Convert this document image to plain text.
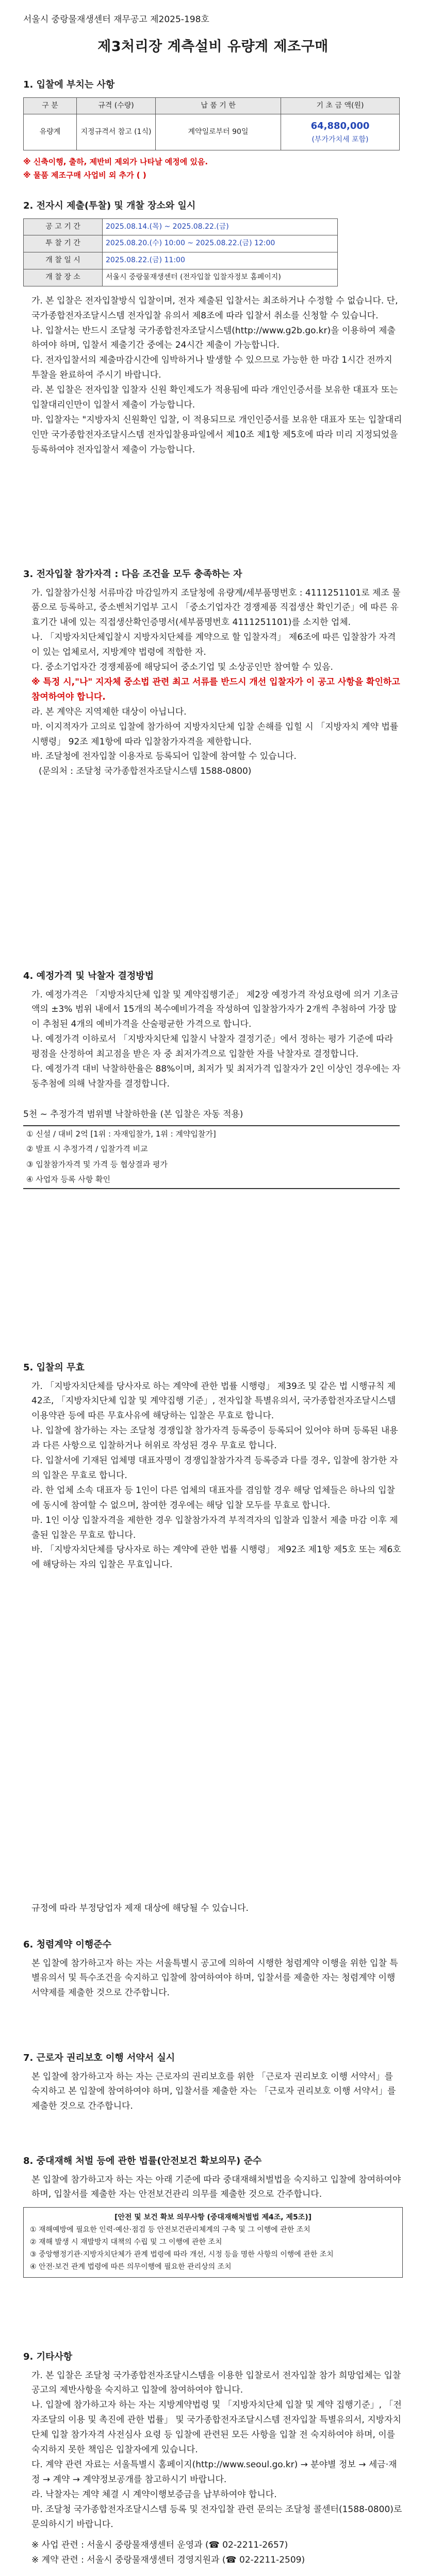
서울시 중랑물재생센터 재무공고 제2025-198호
제3처리장 계측설비 유량계 제조구매
1. 입찰에 부치는 사항
구 분	규격 (수량)	납 품 기 한	기 초 금 액(원)
유량계	지정규격서 참고 (1식)	계약일로부터 90일	64,880,000
(부가가치세 포함)
※ 신축이행, 출하, 제반비 제외가 나타날 예정에 있음.
※ 물품 제조구매 사업비 외 추가 ( )
2. 전자시 제출(투찰) 및 개찰 장소와 일시
공 고 기 간	2025.08.14.(목) ~ 2025.08.22.(금)
투 찰 기 간	2025.08.20.(수) 10:00 ~ 2025.08.22.(금) 12:00
개 찰 일 시	2025.08.22.(금) 11:00
개 찰 장 소	서울시 중랑물재생센터 (전자입찰 입찰자정보 홈페이지)

가. 본 입찰은 전자입찰방식 입찰이며, 전자 제출된 입찰서는 최조하거나 수정할 수 없습니다. 단, 국가종합전자조달시스템 전자입찰 유의서 제8조에 따라 입찰서 취소를 신청할 수 있습니다.

나. 입찰서는 반드시 조달청 국가종합전자조달시스템(http://www.g2b.go.kr)을 이용하여 제출하여야 하며, 입찰서 제출기간 중에는 24시간 제출이 가능합니다.

다. 전자입찰서의 제출마감시간에 임박하거나 발생할 수 있으므로 가능한 한 마감 1시간 전까지 투찰을 완료하여 주시기 바랍니다.

라. 본 입찰은 전자입찰 입찰자 신원 확인제도가 적용됨에 따라 개인인증서를 보유한 대표자 또는 입찰대리인만이 입찰서 제출이 가능합니다.

마. 입찰자는 "지방자치 신원확인 입찰, 이 적용되므로 개인인증서를 보유한 대표자 또는 입찰대리인만 국가종합전자조달시스템 전자입찰용파일에서 제10조 제1항 제5호에 따라 미리 지정되었을 등록하여야 전자입찰서 제출이 가능합니다.

3. 전자입찰 참가자격 : 다음 조건을 모두 충족하는 자

가. 입찰참가신청 서류마감 마감일까지 조달청에 유량계/세부품명번호 : 4111251101로 제조 물품으로 등록하고, 중소벤처기업부 고시 「중소기업자간 경쟁제품 직접생산 확인기준」에 따른 유효기간 내에 있는 직접생산확인증명서(세부품명번호 4111251101)를 소지한 업체.

나. 「지방자치단체입찰시 지방자치단체를 계약으로 할 입찰자격」 제6조에 따른 입찰참가 자격이 있는 업체로서, 지방계약 법령에 적합한 자.

다. 중소기업자간 경쟁제품에 해당되어 중소기업 및 소상공인만 참여할 수 있음.

※ 특정 시,"나" 지자체 중소법 관련 최고 서류를 반드시 개선 입찰자가 이 공고 사항을 확인하고 참여하여야 합니다.

라. 본 계약은 지역제한 대상이 아닙니다.

마. 이지적자가 고의로 입찰에 참가하여 지방자치단체 입찰 손해를 입힐 시 「지방자치 계약 법률 시행령」 92조 제1항에 따라 입찰참가자격을 제한합니다.

바. 조달청에 전자입찰 이용자로 등록되어 입찰에 참여할 수 있습니다.

(문의처 : 조달청 국가종합전자조달시스템 1588-0800)

4. 예정가격 및 낙찰자 결정방법

가. 예정가격은 「지방자치단체 입찰 및 계약집행기준」 제2장 예정가격 작성요령에 의거 기초금액의 ±3% 범위 내에서 15개의 복수예비가격을 작성하여 입찰참가자가 2개씩 추첨하여 가장 많이 추첨된 4개의 예비가격을 산술평균한 가격으로 합니다.

나. 예정가격 이하로서 「지방자치단체 입찰시 낙찰자 결정기준」에서 정하는 평가 기준에 따라 평점을 산정하여 최고점을 받은 자 중 최저가격으로 입찰한 자를 낙찰자로 결정합니다.

다. 예정가격 대비 낙찰하한율은 88%이며, 최저가 및 최저가격 입찰자가 2인 이상인 경우에는 자동추첨에 의해 낙찰자를 결정합니다.

5천 ~ 추정가격 범위별 낙찰하한율 (본 입찰은 자동 적용)
① 신설 / 대비 2억 [1위 : 자재입찰가, 1위 : 계약입찰가]
② 발표 시 추정가격 / 입찰가격 비교
③ 입찰참가자격 및 가격 등 협상결과 평가
④ 사업자 등록 사항 확인
5. 입찰의 무효

가. 「지방자치단체를 당사자로 하는 계약에 관한 법률 시행령」 제39조 및 같은 법 시행규칙 제42조, 「지방자치단체 입찰 및 계약집행 기준」, 전자입찰 특별유의서, 국가종합전자조달시스템 이용약관 등에 따른 무효사유에 해당하는 입찰은 무효로 합니다.

나. 입찰에 참가하는 자는 조달청 경쟁입찰 참가자격 등록증이 등록되어 있어야 하며 등록된 내용과 다른 사항으로 입찰하거나 허위로 작성된 경우 무효로 합니다.

다. 입찰서에 기재된 업체명 대표자명이 경쟁입찰참가자격 등록증과 다를 경우, 입찰에 참가한 자의 입찰은 무효로 합니다.

라. 한 업체 소속 대표자 등 1인이 다른 업체의 대표자를 겸임할 경우 해당 업체들은 하나의 입찰에 동시에 참여할 수 없으며, 참여한 경우에는 해당 입찰 모두를 무효로 합니다.

마. 1인 이상 입찰자격을 제한한 경우 입찰참가자격 부적격자의 입찰과 입찰서 제출 마감 이후 제출된 입찰은 무효로 합니다.

바. 「지방자치단체를 당사자로 하는 계약에 관한 법률 시행령」 제92조 제1항 제5호 또는 제6호에 해당하는 자의 입찰은 무효입니다.

규정에 따라 부정당업자 제재 대상에 해당될 수 있습니다.

6. 청렴계약 이행준수

본 입찰에 참가하고자 하는 자는 서울특별시 공고에 의하여 시행한 청렴계약 이행을 위한 입찰 특별유의서 및 특수조건을 숙지하고 입찰에 참여하여야 하며, 입찰서를 제출한 자는 청렴계약 이행 서약제를 제출한 것으로 간주합니다.

7. 근로자 권리보호 이행 서약서 실시

본 입찰에 참가하고자 하는 자는 근로자의 권리보호를 위한 「근로자 권리보호 이행 서약서」를 숙지하고 본 입찰에 참여하여야 하며, 입찰서를 제출한 자는 「근로자 권리보호 이행 서약서」를 제출한 것으로 간주합니다.

8. 중대재해 처벌 등에 관한 법률(안전보건 확보의무) 준수

본 입찰에 참가하고자 하는 자는 아래 기준에 따라 중대재해처벌법을 숙지하고 입찰에 참여하여야 하며, 입찰서를 제출한 자는 안전보건관리 의무를 제출한 것으로 간주합니다.

[안전 및 보건 확보 의무사항 (중대재해처벌법 제4조, 제5조)]
① 재해예방에 필요한 인력·예산·점검 등 안전보건관리체계의 구축 및 그 이행에 관한 조치
② 재해 발생 시 재발방지 대책의 수립 및 그 이행에 관한 조치
③ 중앙행정기관·지방자치단체가 관계 법령에 따라 개선, 시정 등을 명한 사항의 이행에 관한 조치
④ 안전·보건 관계 법령에 따른 의무이행에 필요한 관리상의 조치
9. 기타사항

가. 본 입찰은 조달청 국가종합전자조달시스템을 이용한 입찰로서 전자입찰 참가 희망업체는 입찰공고의 제반사항을 숙지하고 입찰에 참여하여야 합니다.

나. 입찰에 참가하고자 하는 자는 지방계약법령 및 「지방자치단체 입찰 및 계약 집행기준」, 「전자조달의 이용 및 촉진에 관한 법률」 및 국가종합전자조달시스템 전자입찰 특별유의서, 지방자치단체 입찰 참가자격 사전심사 요령 등 입찰에 관련된 모든 사항을 입찰 전 숙지하여야 하며, 이를 숙지하지 못한 책임은 입찰자에게 있습니다.

다. 계약 관련 자료는 서울특별시 홈페이지(http://www.seoul.go.kr) → 분야별 정보 → 세금·재정 → 계약 → 계약정보공개를 참고하시기 바랍니다.

라. 낙찰자는 계약 체결 시 계약이행보증금을 납부하여야 합니다.

마. 조달청 국가종합전자조달시스템 등록 및 전자입찰 관련 문의는 조달청 콜센터(1588-0800)로 문의하시기 바랍니다.

※ 사업 관련 : 서울시 중랑물재생센터 운영과 (☎ 02-2211-2657)
※ 계약 관련 : 서울시 중랑물재생센터 경영지원과 (☎ 02-2211-2509)
